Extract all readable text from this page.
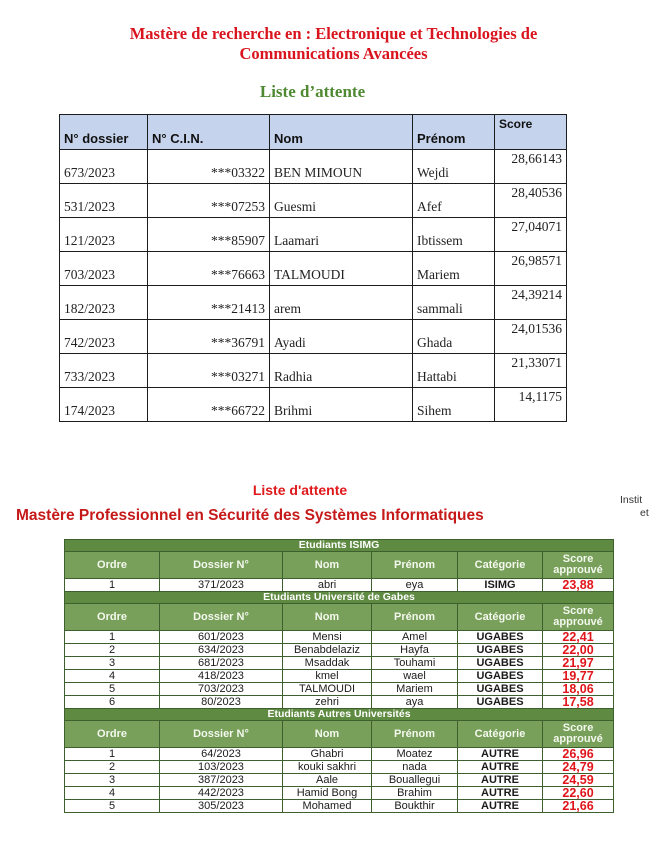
Mastère de recherche en : Electronique et Technologies de
Communications Avancées
Liste d’attente
N° dossier	N° C.I.N.	Nom	Prénom	Score
673/2023	***03322	BEN MIMOUN	Wejdi	28,66143
531/2023	***07253	Guesmi	Afef	28,40536
121/2023	***85907	Laamari	Ibtissem	27,04071
703/2023	***76663	TALMOUDI	Mariem	26,98571
182/2023	***21413	arem	sammali	24,39214
742/2023	***36791	Ayadi	Ghada	24,01536
733/2023	***03271	Radhia	Hattabi	21,33071
174/2023	***66722	Brihmi	Sihem	14,1175
Instit
et
Liste d'attente
Mastère Professionnel en Sécurité des Systèmes Informatiques
Etudiants ISIMG					
Ordre	Dossier N°	Nom	Prénom	Catégorie	Score
approuvé

1	371/2023	abri	eya	ISIMG	23,88
Etudiants Université de Gabes					
Ordre	Dossier N°	Nom	Prénom	Catégorie	Score
approuvé

1	601/2023	Mensi	Amel	UGABES	22,41
2	634/2023	Benabdelaziz	Hayfa	UGABES	22,00
3	681/2023	Msaddak	Touhami	UGABES	21,97
4	418/2023	kmel	wael	UGABES	19,77
5	703/2023	TALMOUDI	Mariem	UGABES	18,06
6	80/2023	zehri	aya	UGABES	17,58
Etudiants Autres Universités					
Ordre	Dossier N°	Nom	Prénom	Catégorie	Score
approuvé

1	64/2023	Ghabri	Moatez	AUTRE	26,96
2	103/2023	kouki sakhri	nada	AUTRE	24,79
3	387/2023	Aale	Bouallegui	AUTRE	24,59
4	442/2023	Hamid Bong	Brahim	AUTRE	22,60
5	305/2023	Mohamed	Boukthir	AUTRE	21,66
